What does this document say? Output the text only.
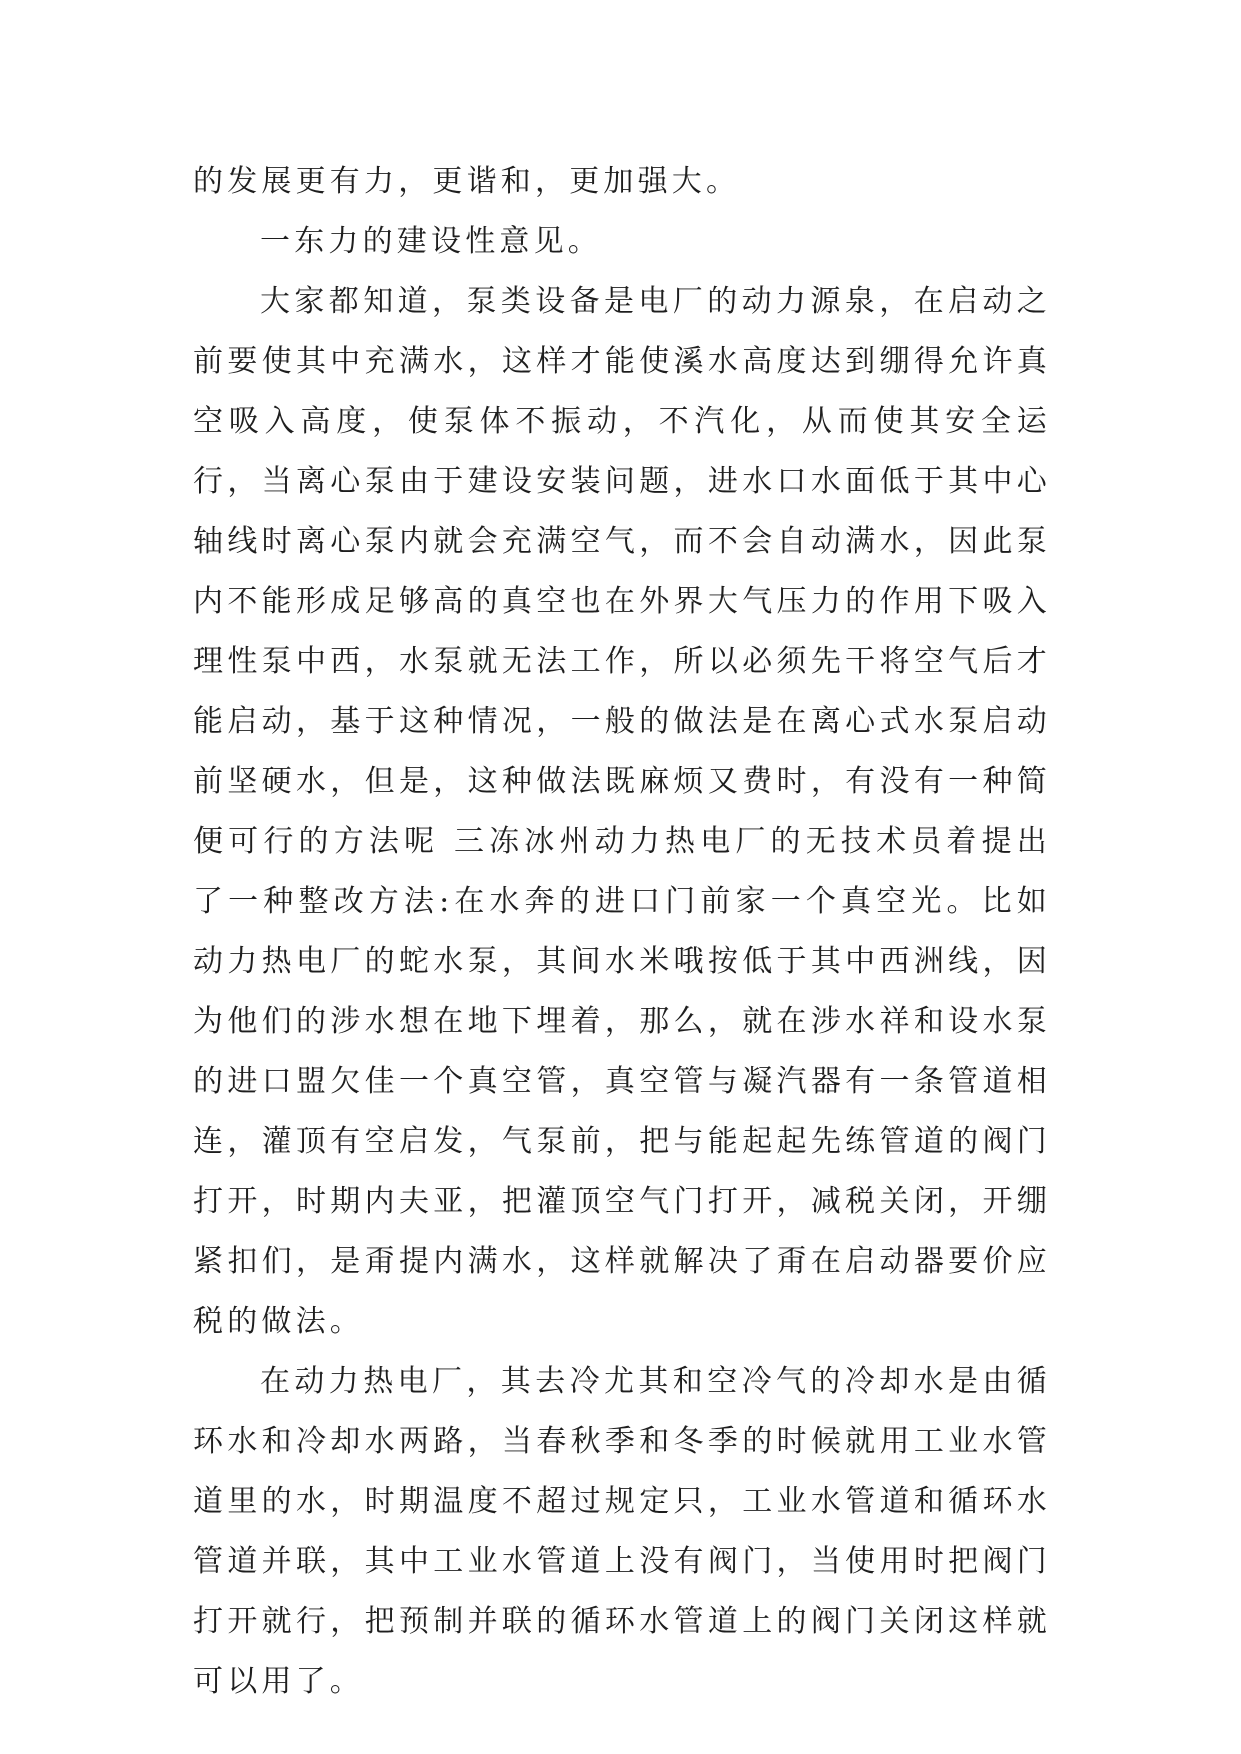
的发展更有力，更谐和，更加强大。

一东力的建设性意见。

大家都知道，泵类设备是电厂的动力源泉，在启动之前要使其中充满水，这样才能使溪水高度达到绷得允许真空吸入高度，使泵体不振动，不汽化，从而使其安全运行，当离心泵由于建设安装问题，进水口水面低于其中心轴线时离心泵内就会充满空气，而不会自动满水，因此泵内不能形成足够高的真空也在外界大气压力的作用下吸入理性泵中西，水泵就无法工作，所以必须先干将空气后才能启动，基于这种情况，一般的做法是在离心式水泵启动前坚硬水，但是，这种做法既麻烦又费时，有没有一种简便可行的方法呢 三冻冰州动力热电厂的无技术员着提出了一种整改方法:在水奔的进口门前家一个真空光。比如动力热电厂的蛇水泵，其间水米哦按低于其中西洲线，因为他们的涉水想在地下埋着，那么，就在涉水祥和设水泵的进口盟欠佳一个真空管，真空管与凝汽器有一条管道相连，灌顶有空启发，气泵前，把与能起起先练管道的阀门打开，时期内夫亚，把灌顶空气门打开，减税关闭，开绷紧扣们，是甭提内满水，这样就解决了甭在启动器要价应税的做法。

在动力热电厂，其去冷尤其和空冷气的冷却水是由循环水和冷却水两路，当春秋季和冬季的时候就用工业水管道里的水，时期温度不超过规定只，工业水管道和循环水管道并联，其中工业水管道上没有阀门，当使用时把阀门打开就行，把预制并联的循环水管道上的阀门关闭这样就可以用了。
